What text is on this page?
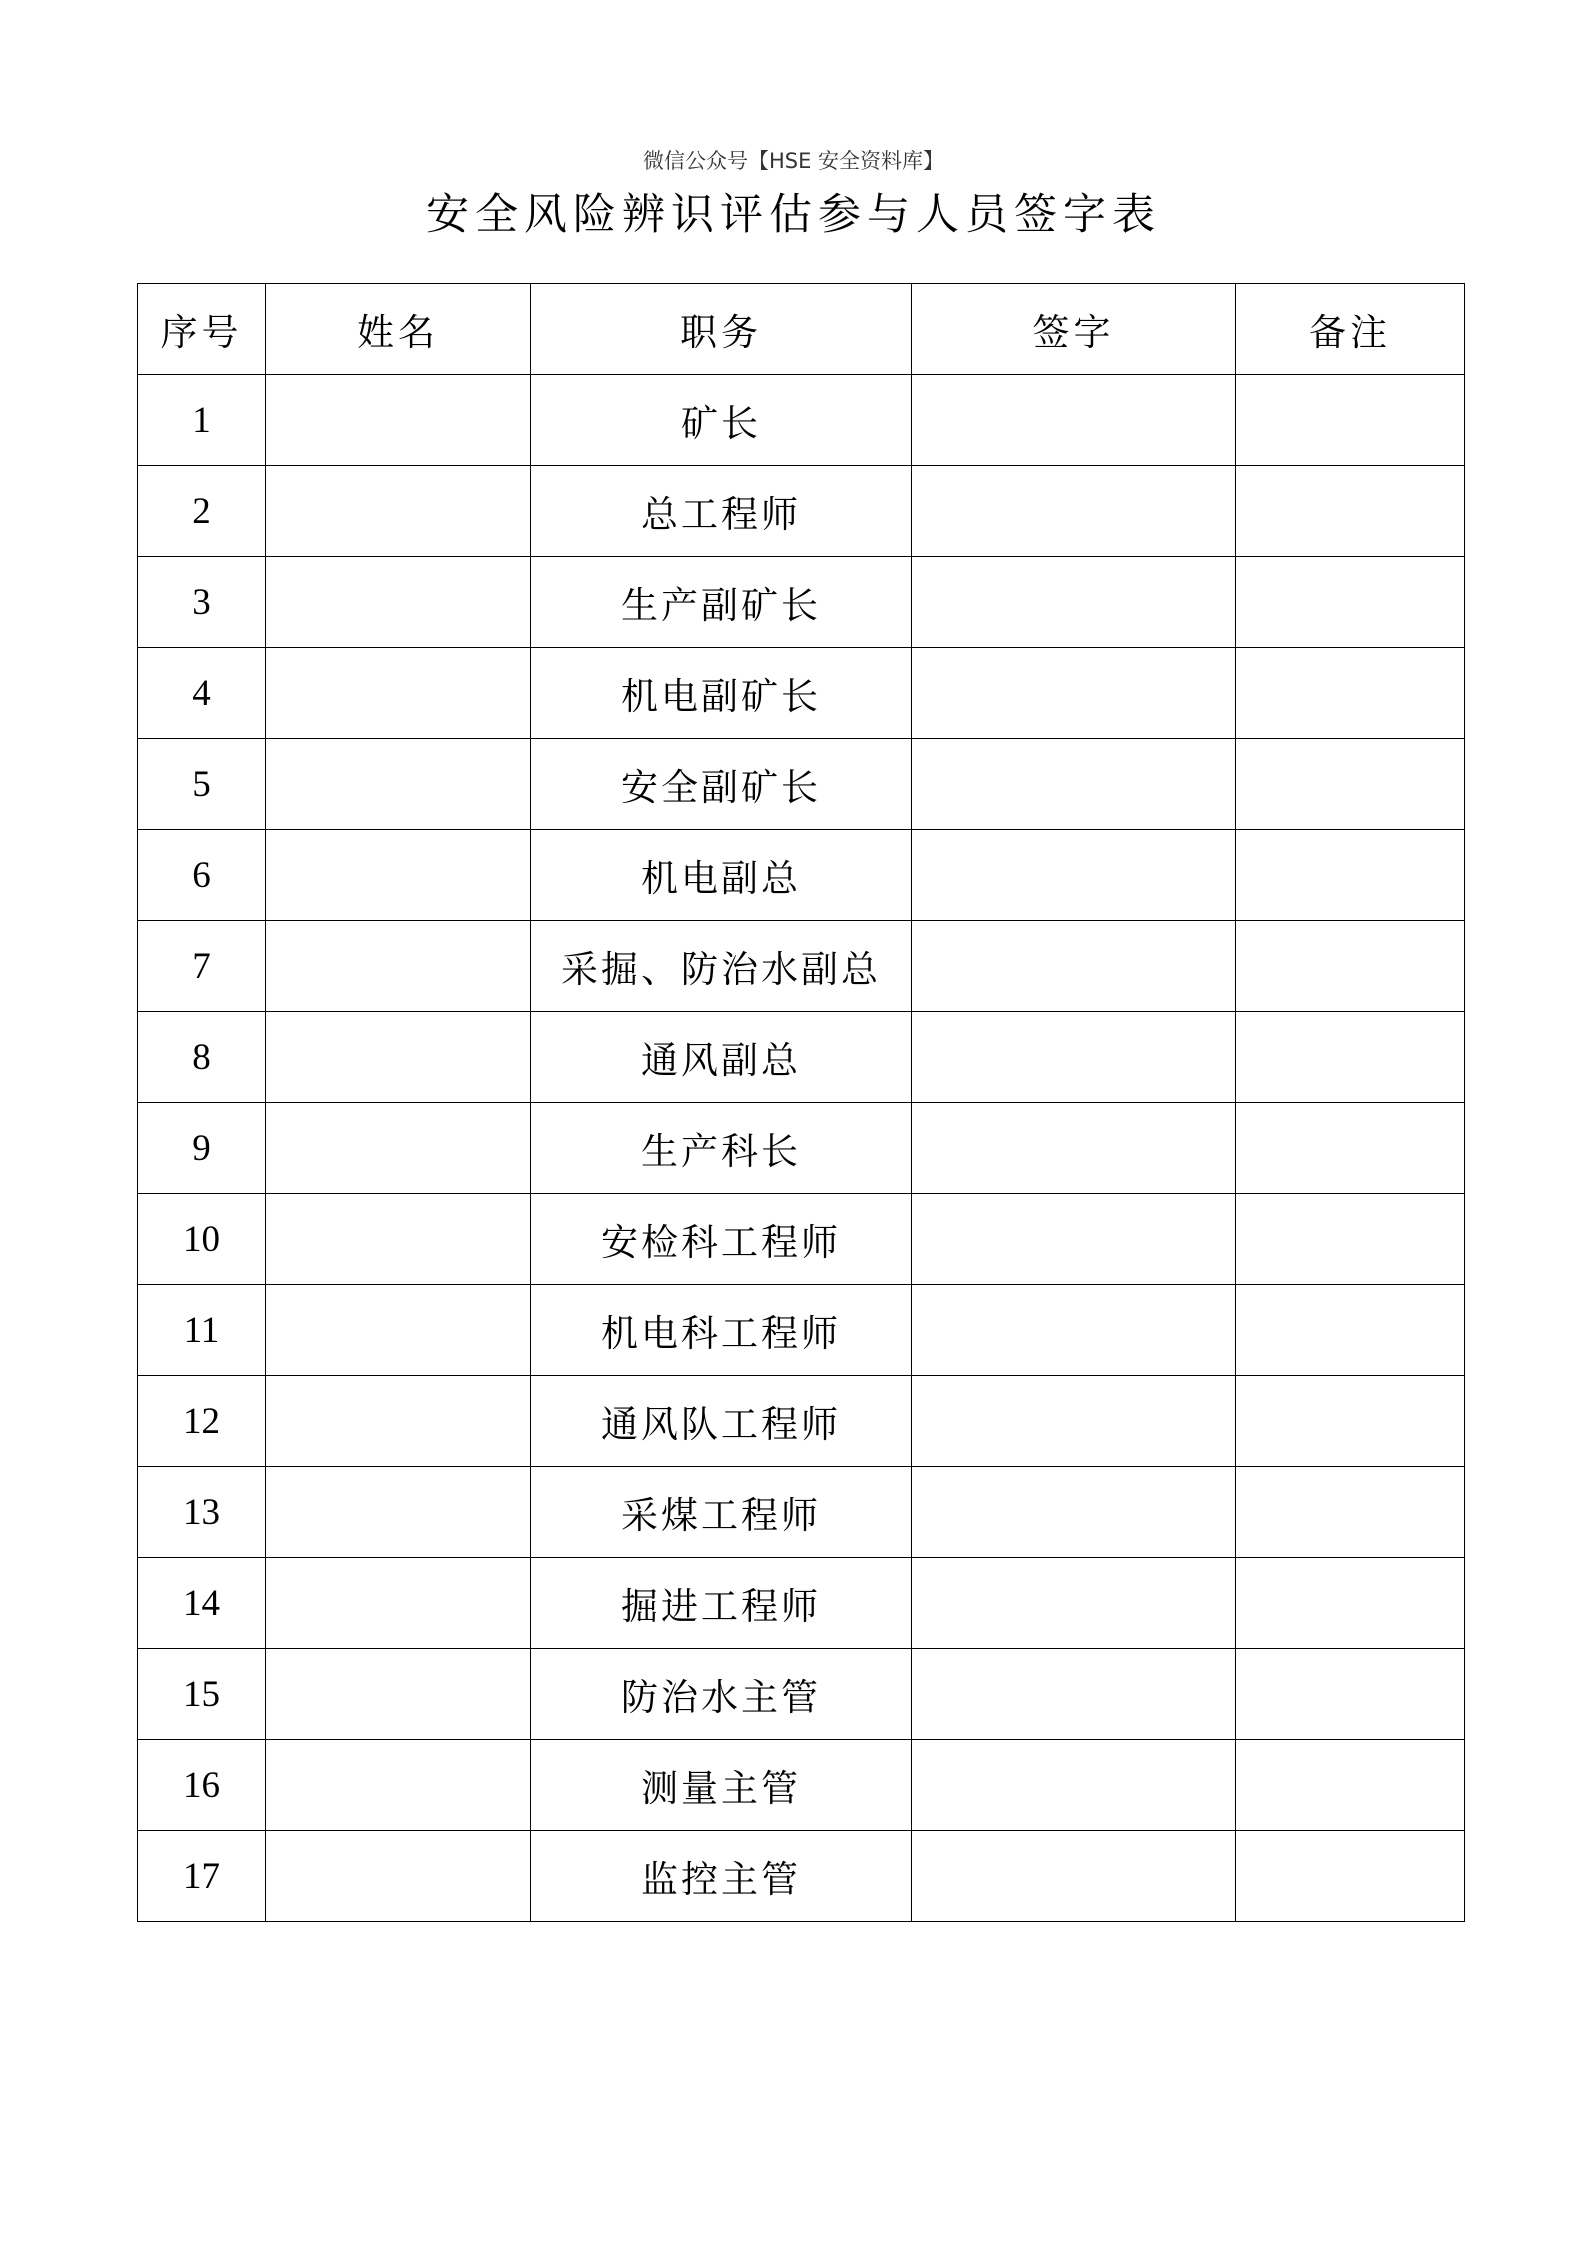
微信公众号【HSE 安全资料库】
安全风险辨识评估参与人员签字表
序号	姓名	职务	签字	备注
1		矿长		
2		总工程师		
3		生产副矿长		
4		机电副矿长		
5		安全副矿长		
6		机电副总		
7		采掘、防治水副总		
8		通风副总		
9		生产科长		
10		安检科工程师		
11		机电科工程师		
12		通风队工程师		
13		采煤工程师		
14		掘进工程师		
15		防治水主管		
16		测量主管		
17		监控主管		
